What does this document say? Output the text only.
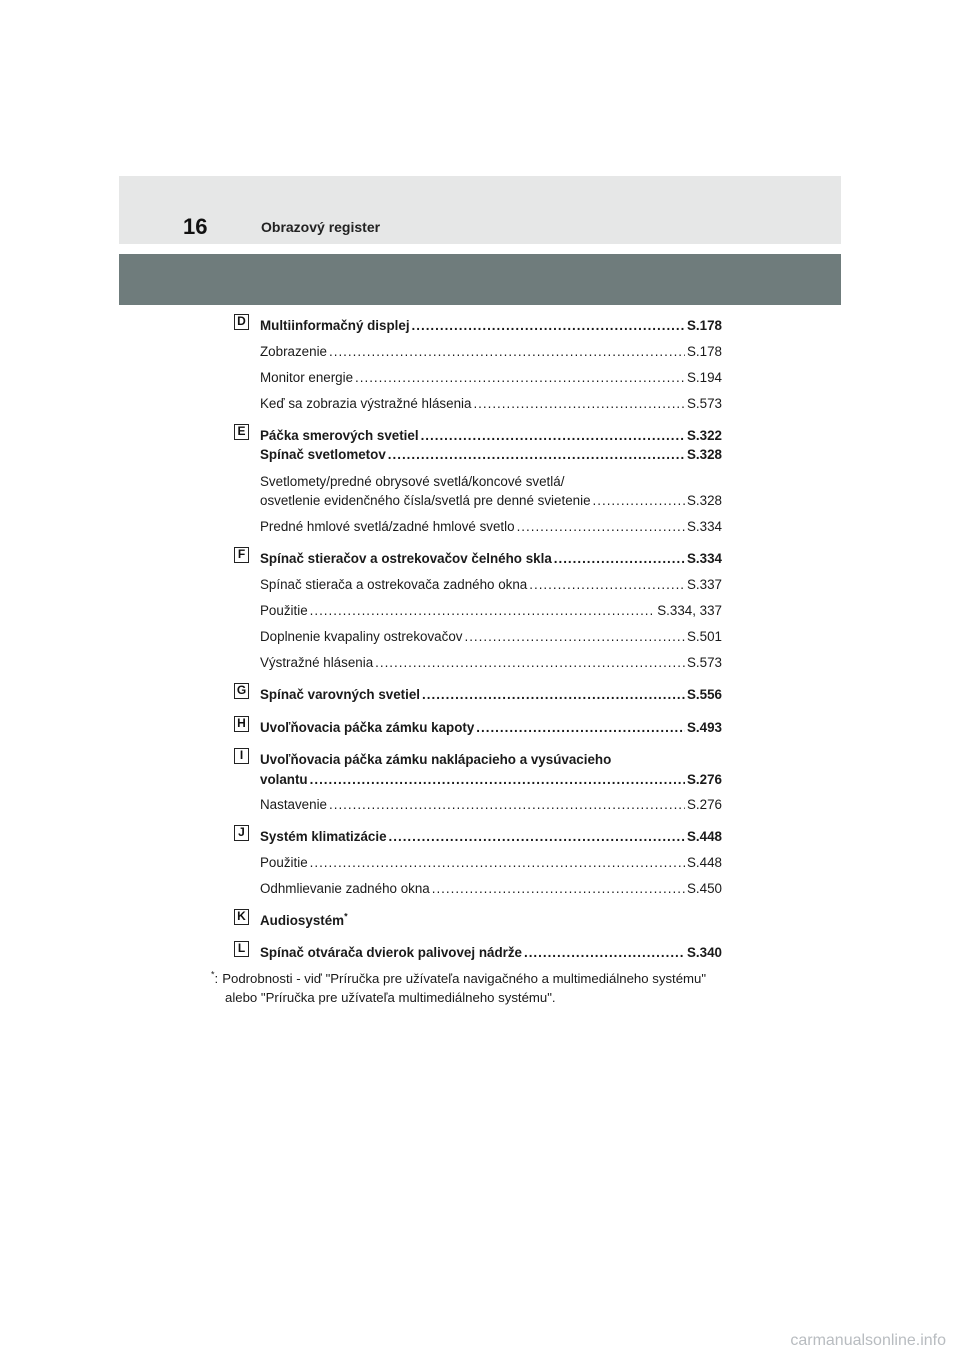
16	Obrazový register
D Multiinformačný displej .....	S.178
Zobrazenie .....	S.178
Monitor energie .....	S.194
Keď sa zobrazia výstražné hlásenia .....	S.573
E Páčka smerových svetiel .....	S.322
Spínač svetlometov .....	S.328
Svetlomety/predné obrysové svetlá/koncové svetlá/
osvetlenie evidenčného čísla/svetlá pre denné svietenie .....	S.328
Predné hmlové svetlá/zadné hmlové svetlo .....	S.334
F Spínač stieračov a ostrekovačov čelného skla .....	S.334
Spínač stierača a ostrekovača zadného okna .....	S.337
Použitie .....	S.334, 337
Doplnenie kvapaliny ostrekovačov .....	S.501
Výstražné hlásenia .....	S.573
G Spínač varovných svetiel .....	S.556
H Uvoľňovacia páčka zámku kapoty .....	S.493
I	Uvoľňovacia páčka zámku naklápacieho a vysúvacieho
volantu .....	S.276
Nastavenie .....	S.276
J	Systém klimatizácie .....	S.448
Použitie .....	S.448
Odhmlievanie zadného okna .....	S.450
K Audiosystém*
L Spínač otvárača dvierok palivovej nádrže .....	S.340
*: Podrobnosti - viď "Príručka pre užívateľa navigačného a multimediálneho systému"
alebo "Príručka pre užívateľa multimediálneho systému".
carmanualsonline.info
